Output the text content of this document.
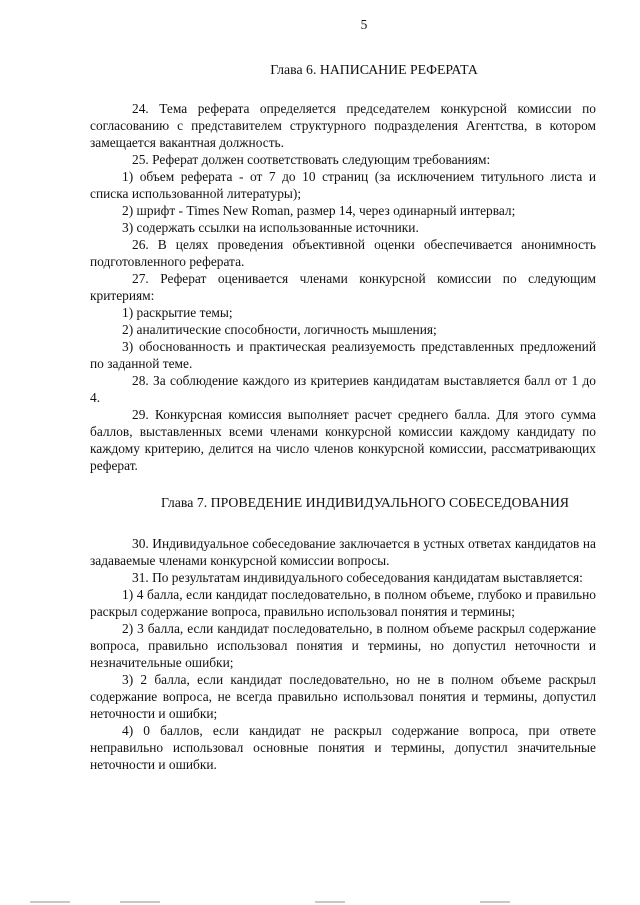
5
Глава 6. НАПИСАНИЕ РЕФЕРАТА

24. Тема реферата определяется председателем конкурсной комиссии по согласованию с представителем структурного подразделения Агентства, в котором замещается вакантная должность.

25. Реферат должен соответствовать следующим требованиям:

1) объем реферата - от 7 до 10 страниц (за исключением титульного листа и списка использованной литературы);

2) шрифт - Times New Roman, размер 14, через одинарный интервал;

3) содержать ссылки на использованные источники.

26. В целях проведения объективной оценки обеспечивается анонимность подготовленного реферата.

27. Реферат оценивается членами конкурсной комиссии по следующим критериям:

1) раскрытие темы;

2) аналитические способности, логичность мышления;

3) обоснованность и практическая реализуемость представленных предложений по заданной теме.

28. За соблюдение каждого из критериев кандидатам выставляется балл от 1 до 4.

29. Конкурсная комиссия выполняет расчет среднего балла. Для этого сумма баллов, выставленных всеми членами конкурсной комиссии каждому кандидату по каждому критерию, делится на число членов конкурсной комиссии, рассматривающих реферат.

Глава 7. ПРОВЕДЕНИЕ ИНДИВИДУАЛЬНОГО СОБЕСЕДОВАНИЯ

30. Индивидуальное собеседование заключается в устных ответах кандидатов на задаваемые членами конкурсной комиссии вопросы.

31. По результатам индивидуального собеседования кандидатам выставляется:

1) 4 балла, если кандидат последовательно, в полном объеме, глубоко и правильно раскрыл содержание вопроса, правильно использовал понятия и термины;

2) 3 балла, если кандидат последовательно, в полном объеме раскрыл содержание вопроса, правильно использовал понятия и термины, но допустил неточности и незначительные ошибки;

3) 2 балла, если кандидат последовательно, но не в полном объеме раскрыл содержание вопроса, не всегда правильно использовал понятия и термины, допустил неточности и ошибки;

4) 0 баллов, если кандидат не раскрыл содержание вопроса, при ответе неправильно использовал основные понятия и термины, допустил значительные неточности и ошибки.
